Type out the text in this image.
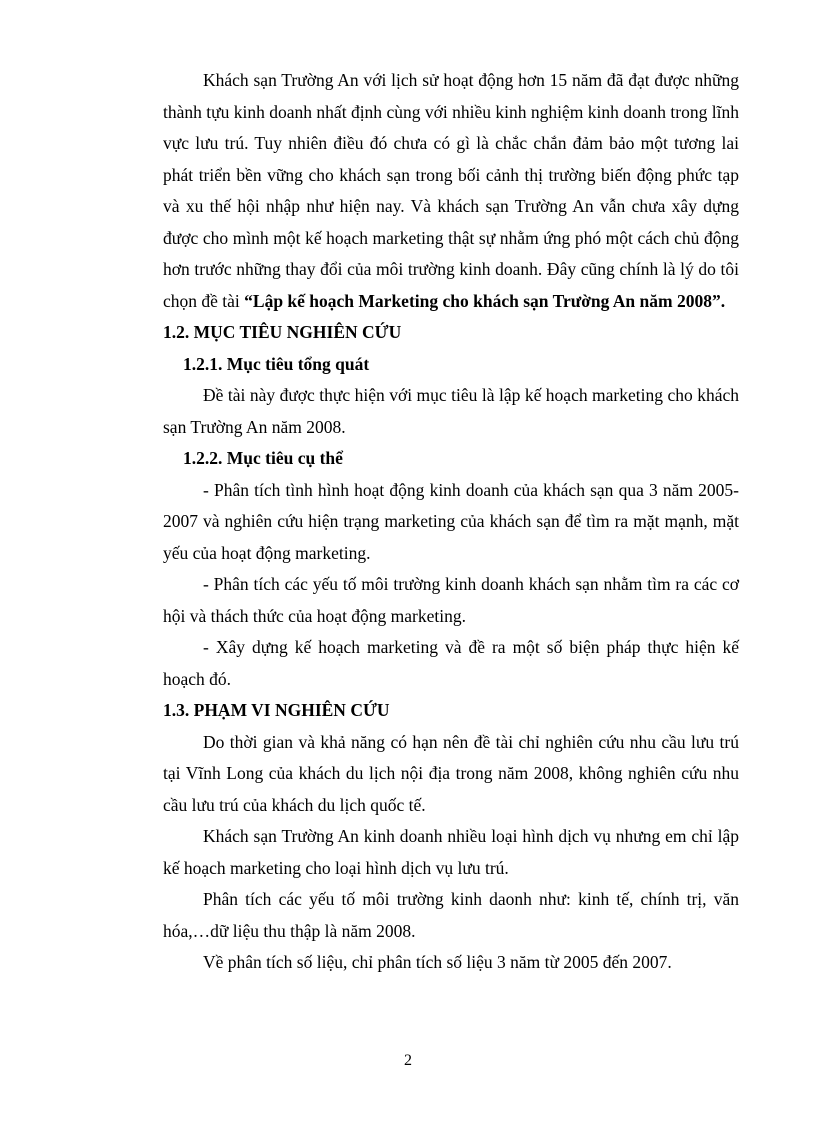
Khách sạn Trường An với lịch sử hoạt động hơn 15 năm đã đạt được những thành tựu kinh doanh nhất định cùng với nhiều kinh nghiệm kinh doanh trong lĩnh vực lưu trú. Tuy nhiên điều đó chưa có gì là chắc chắn đảm bảo một tương lai phát triển bền vững cho khách sạn trong bối cảnh thị trường biến động phức tạp và xu thế hội nhập như hiện nay. Và khách sạn Trường An vẫn chưa xây dựng được cho mình một kế hoạch marketing thật sự nhằm ứng phó một cách chủ động hơn trước những thay đổi của môi trường kinh doanh. Đây cũng chính là lý do tôi chọn đề tài “Lập kế hoạch Marketing cho khách sạn Trường An năm 2008”.

1.2. MỤC TIÊU NGHIÊN CỨU
1.2.1. Mục tiêu tổng quát

Đề tài này được thực hiện với mục tiêu là lập kế hoạch marketing cho khách sạn Trường An năm 2008.

1.2.2. Mục tiêu cụ thể

- Phân tích tình hình hoạt động kinh doanh của khách sạn qua 3 năm 2005-2007 và nghiên cứu hiện trạng marketing của khách sạn để tìm ra mặt mạnh, mặt yếu của hoạt động marketing.

- Phân tích các yếu tố môi trường kinh doanh khách sạn nhằm tìm ra các cơ hội và thách thức của hoạt động marketing.

- Xây dựng kế hoạch marketing và đề ra một số biện pháp thực hiện kế hoạch đó.

1.3. PHẠM VI NGHIÊN CỨU

Do thời gian và khả năng có hạn nên đề tài chỉ nghiên cứu nhu cầu lưu trú tại Vĩnh Long của khách du lịch nội địa trong năm 2008, không nghiên cứu nhu cầu lưu trú của khách du lịch quốc tế.

Khách sạn Trường An kinh doanh nhiều loại hình dịch vụ nhưng em chỉ lập kế hoạch marketing cho loại hình dịch vụ lưu trú.

Phân tích các yếu tố môi trường kinh daonh như: kinh tế, chính trị, văn hóa,…dữ liệu thu thập là năm 2008.

Về phân tích số liệu, chỉ phân tích số liệu 3 năm từ 2005 đến 2007.

2
